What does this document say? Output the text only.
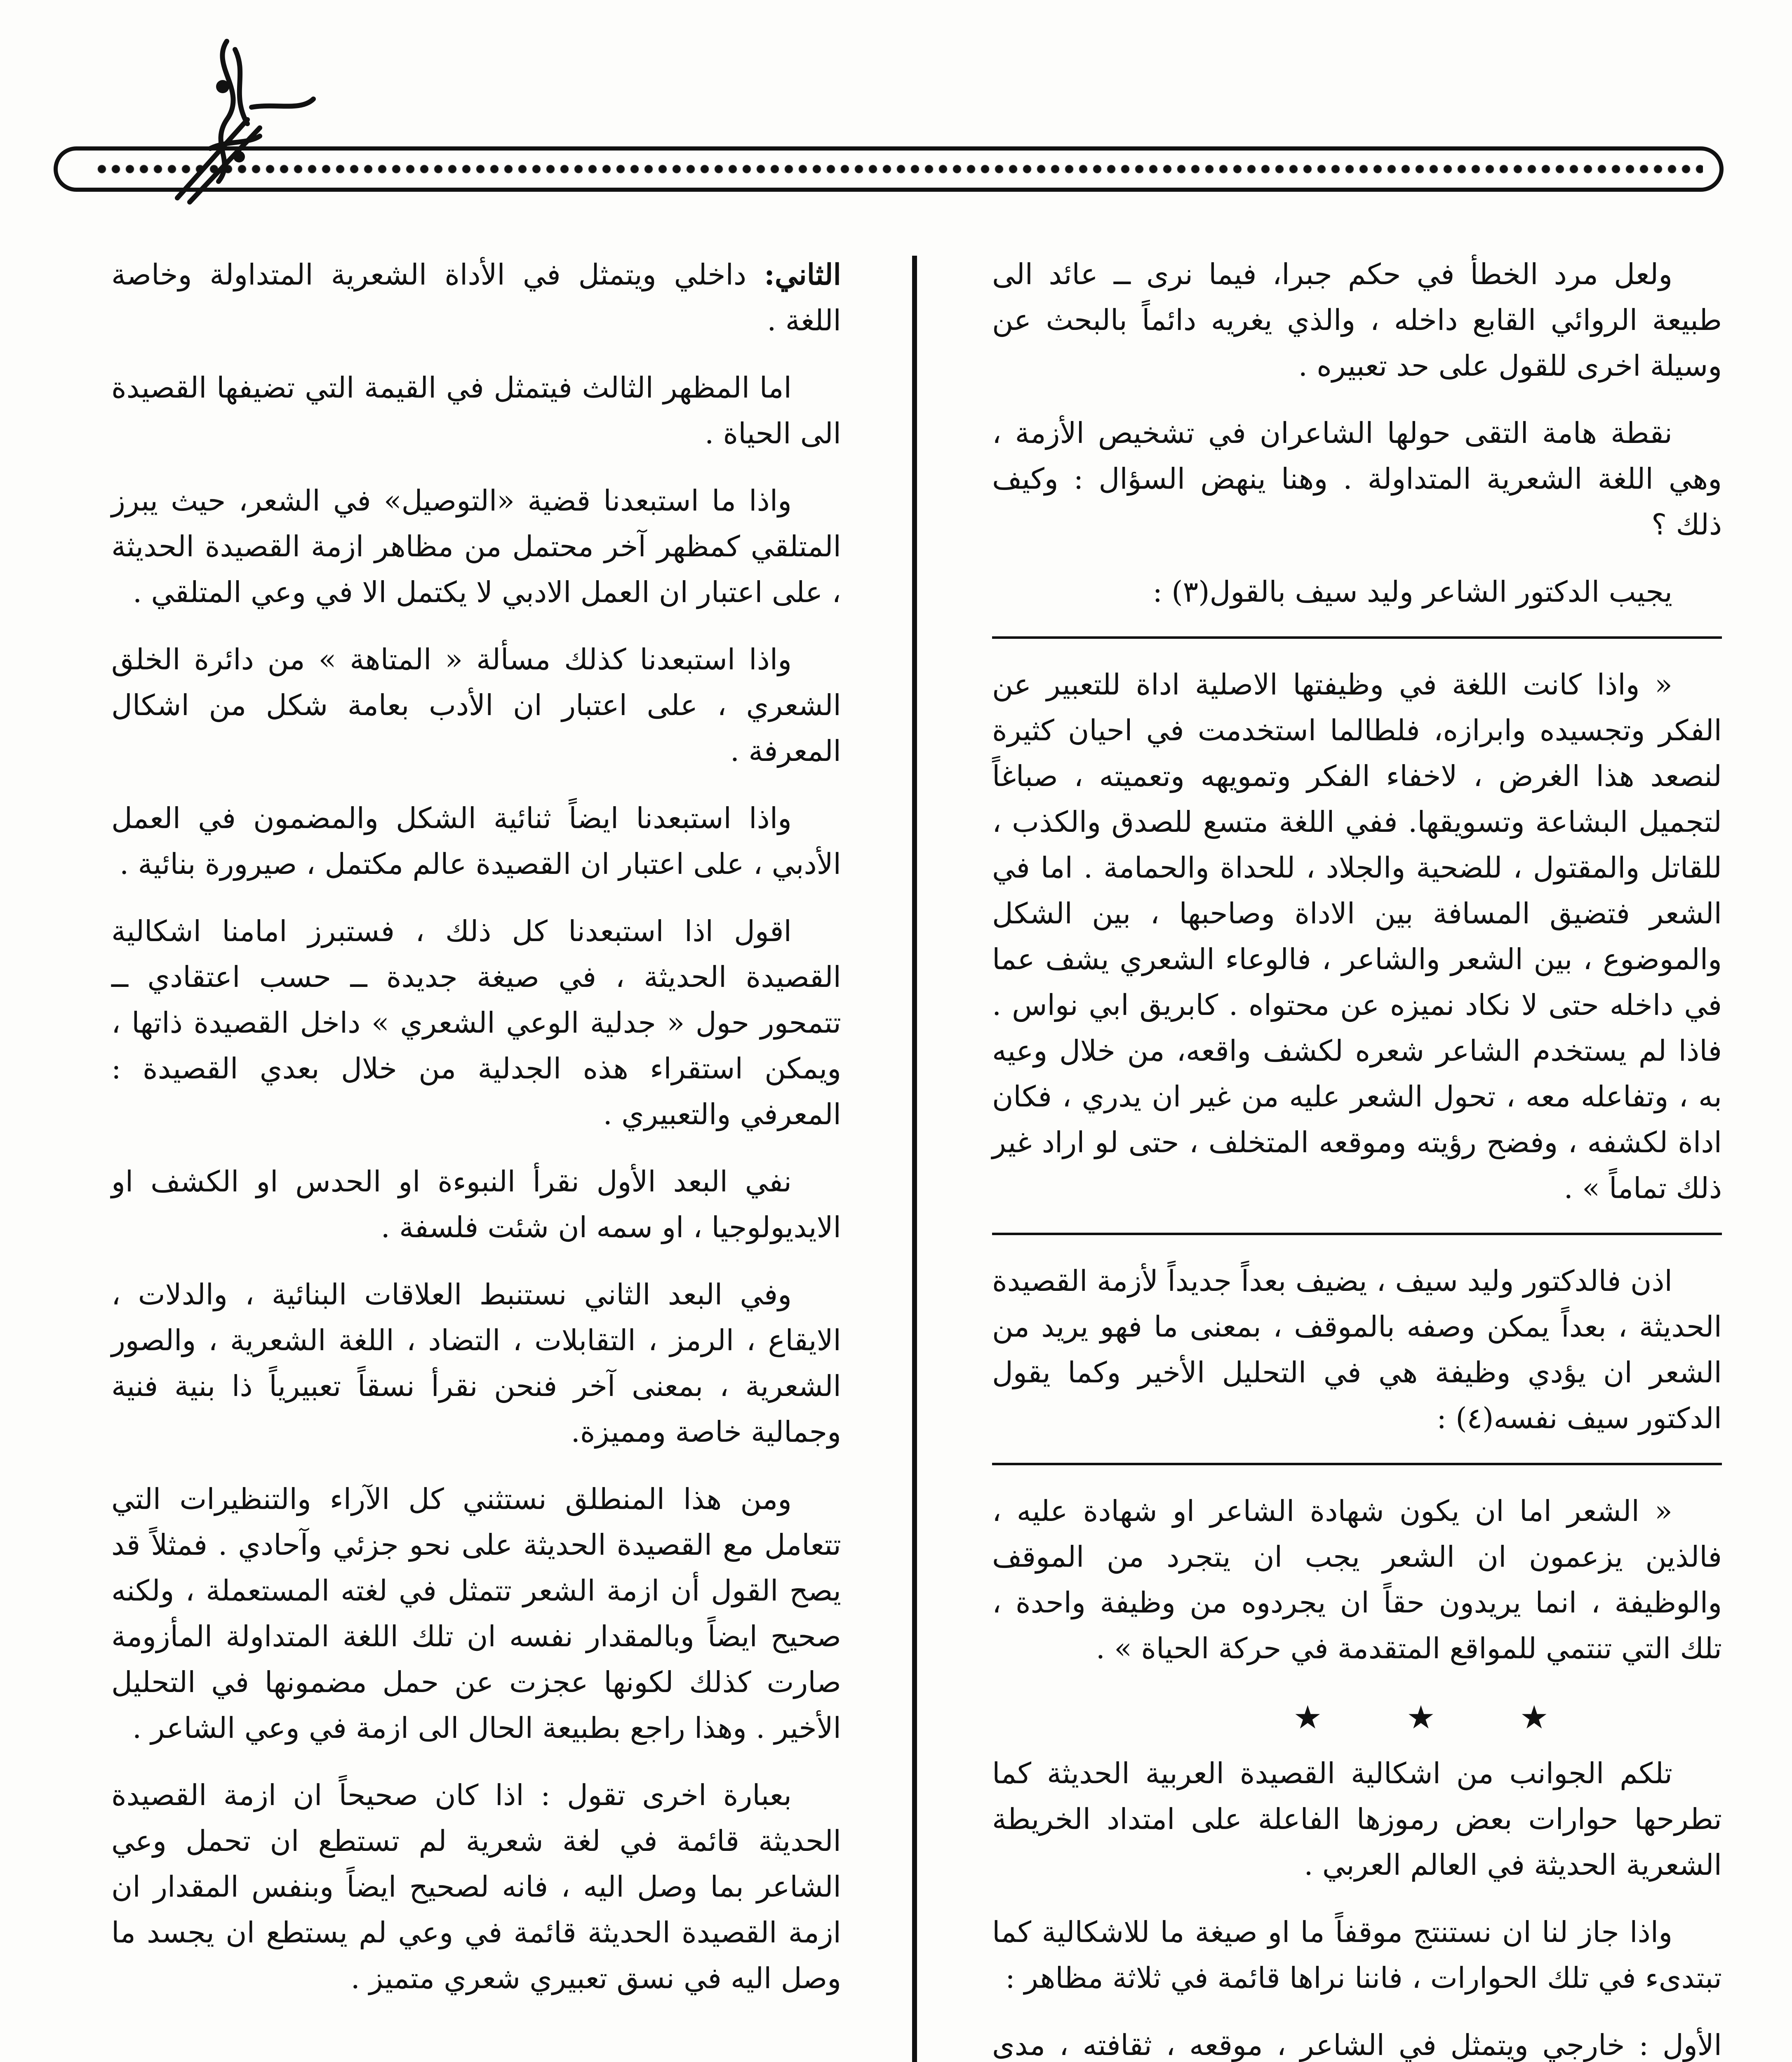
ولعل مرد الخطأ في حكم جبرا، فيما نرى ــ عائد الى طبيعة الروائي القابع داخله ، والذي يغريه دائماً بالبحث عن وسيلة اخرى للقول على حد تعبيره .

نقطة هامة التقى حولها الشاعران في تشخيص الأزمة ، وهي اللغة الشعرية المتداولة . وهنا ينهض السؤال : وكيف ذلك ؟

يجيب الدكتور الشاعر وليد سيف بالقول(٣) :

« واذا كانت اللغة في وظيفتها الاصلية اداة للتعبير عن الفكر وتجسيده وابرازه، فلطالما استخدمت في احيان كثيرة لنصعد هذا الغرض ، لاخفاء الفكر وتمويهه وتعميته ، صباغاً لتجميل البشاعة وتسويقها. ففي اللغة متسع للصدق والكذب ، للقاتل والمقتول ، للضحية والجلاد ، للحداة والحمامة . اما في الشعر فتضيق المسافة بين الاداة وصاحبها ، بين الشكل والموضوع ، بين الشعر والشاعر ، فالوعاء الشعري يشف عما في داخله حتى لا نكاد نميزه عن محتواه . كابريق ابي نواس . فاذا لم يستخدم الشاعر شعره لكشف واقعه، من خلال وعيه به ، وتفاعله معه ، تحول الشعر عليه من غير ان يدري ، فكان اداة لكشفه ، وفضح رؤيته وموقعه المتخلف ، حتى لو اراد غير ذلك تماماً » .

اذن فالدكتور وليد سيف ، يضيف بعداً جديداً لأزمة القصيدة الحديثة ، بعداً يمكن وصفه بالموقف ، بمعنى ما فهو يريد من الشعر ان يؤدي وظيفة هي في التحليل الأخير وكما يقول الدكتور سيف نفسه(٤) :

« الشعر اما ان يكون شهادة الشاعر او شهادة عليه ، فالذين يزعمون ان الشعر يجب ان يتجرد من الموقف والوظيفة ، انما يريدون حقاً ان يجردوه من وظيفة واحدة ، تلك التي تنتمي للمواقع المتقدمة في حركة الحياة » .

★ ★ ★

تلكم الجوانب من اشكالية القصيدة العربية الحديثة كما تطرحها حوارات بعض رموزها الفاعلة على امتداد الخريطة الشعرية الحديثة في العالم العربي .

واذا جاز لنا ان نستنتج موقفاً ما او صيغة ما للاشكالية كما تبتدىء في تلك الحوارات ، فاننا نراها قائمة في ثلاثة مظاهر :

الأول : خارجي ويتمثل في الشاعر ، موقعه ، ثقافته ، مدى

الثاني: داخلي ويتمثل في الأداة الشعرية المتداولة وخاصة اللغة .

اما المظهر الثالث فيتمثل في القيمة التي تضيفها القصيدة الى الحياة .

واذا ما استبعدنا قضية «التوصيل» في الشعر، حيث يبرز المتلقي كمظهر آخر محتمل من مظاهر ازمة القصيدة الحديثة ، على اعتبار ان العمل الادبي لا يكتمل الا في وعي المتلقي .

واذا استبعدنا كذلك مسألة « المتاهة » من دائرة الخلق الشعري ، على اعتبار ان الأدب بعامة شكل من اشكال المعرفة .

واذا استبعدنا ايضاً ثنائية الشكل والمضمون في العمل الأدبي ، على اعتبار ان القصيدة عالم مكتمل ، صيرورة بنائية .

اقول اذا استبعدنا كل ذلك ، فستبرز امامنا اشكالية القصيدة الحديثة ، في صيغة جديدة ــ حسب اعتقادي ــ تتمحور حول « جدلية الوعي الشعري » داخل القصيدة ذاتها ، ويمكن استقراء هذه الجدلية من خلال بعدي القصيدة : المعرفي والتعبيري .

نفي البعد الأول نقرأ النبوءة او الحدس او الكشف او الايديولوجيا ، او سمه ان شئت فلسفة .

وفي البعد الثاني نستنبط العلاقات البنائية ، والدلات ، الايقاع ، الرمز ، التقابلات ، التضاد ، اللغة الشعرية ، والصور الشعرية ، بمعنى آخر فنحن نقرأ نسقاً تعبيرياً ذا بنية فنية وجمالية خاصة ومميزة.

ومن هذا المنطلق نستثني كل الآراء والتنظيرات التي تتعامل مع القصيدة الحديثة على نحو جزئي وآحادي . فمثلاً قد يصح القول أن ازمة الشعر تتمثل في لغته المستعملة ، ولكنه صحيح ايضاً وبالمقدار نفسه ان تلك اللغة المتداولة المأزومة صارت كذلك لكونها عجزت عن حمل مضمونها في التحليل الأخير . وهذا راجع بطبيعة الحال الى ازمة في وعي الشاعر .

بعبارة اخرى تقول : اذا كان صحيحاً ان ازمة القصيدة الحديثة قائمة في لغة شعرية لم تستطع ان تحمل وعي الشاعر بما وصل اليه ، فانه لصحيح ايضاً وبنفس المقدار ان ازمة القصيدة الحديثة قائمة في وعي لم يستطع ان يجسد ما وصل اليه في نسق تعبيري شعري متميز .
